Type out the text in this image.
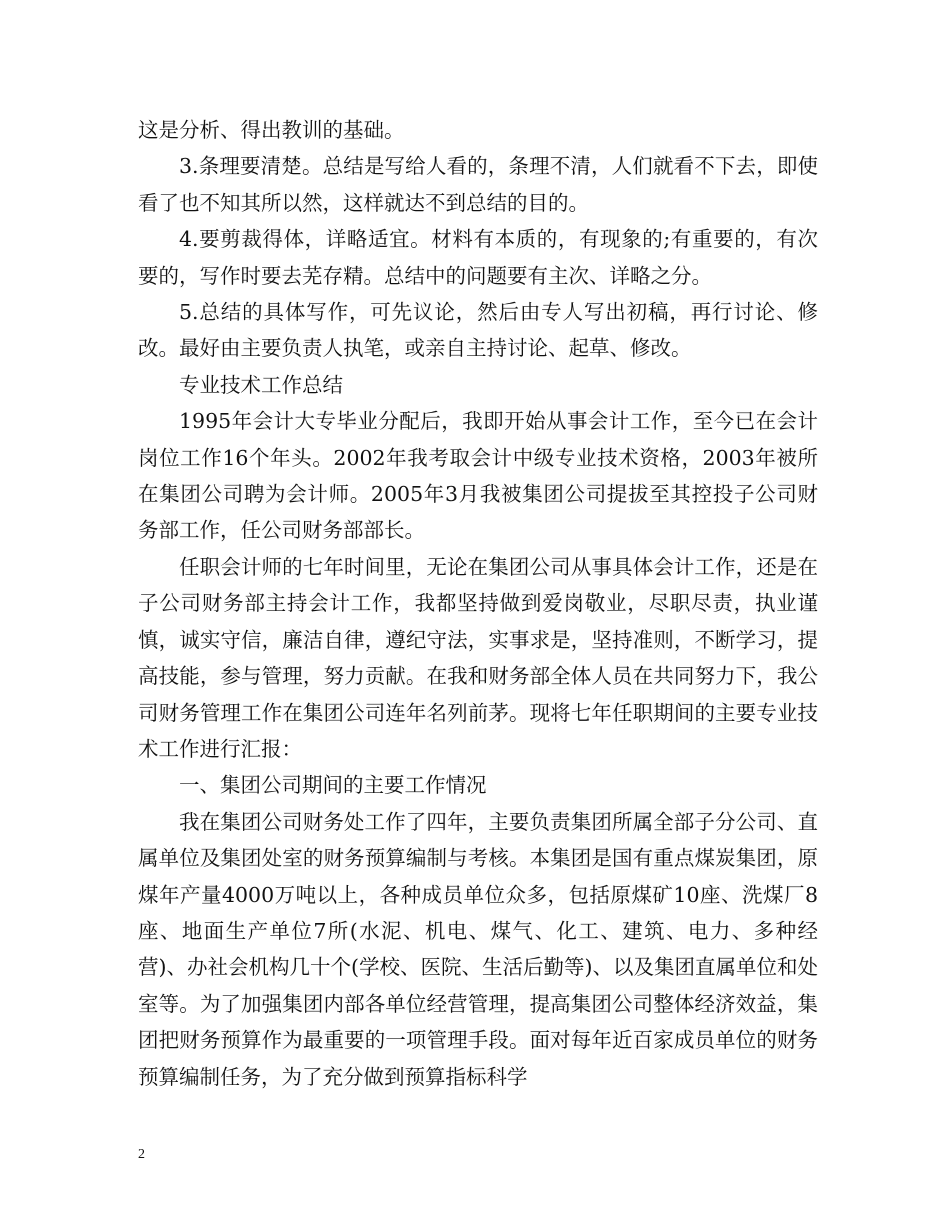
这是分析、得出教训的基础。

3.条理要清楚。总结是写给人看的，条理不清，人们就看不下去，即使看了也不知其所以然，这样就达不到总结的目的。

4.要剪裁得体，详略适宜。材料有本质的，有现象的;有重要的，有次要的，写作时要去芜存精。总结中的问题要有主次、详略之分。

5.总结的具体写作，可先议论，然后由专人写出初稿，再行讨论、修改。最好由主要负责人执笔，或亲自主持讨论、起草、修改。

专业技术工作总结

1995年会计大专毕业分配后，我即开始从事会计工作，至今已在会计岗位工作16个年头。2002年我考取会计中级专业技术资格，2003年被所在集团公司聘为会计师。2005年3月我被集团公司提拔至其控投子公司财务部工作，任公司财务部部长。

任职会计师的七年时间里，无论在集团公司从事具体会计工作，还是在子公司财务部主持会计工作，我都坚持做到爱岗敬业，尽职尽责，执业谨慎，诚实守信，廉洁自律，遵纪守法，实事求是，坚持准则，不断学习，提高技能，参与管理，努力贡献。在我和财务部全体人员在共同努力下，我公司财务管理工作在集团公司连年名列前茅。现将七年任职期间的主要专业技术工作进行汇报：

一、集团公司期间的主要工作情况

我在集团公司财务处工作了四年，主要负责集团所属全部子分公司、直属单位及集团处室的财务预算编制与考核。本集团是国有重点煤炭集团，原煤年产量4000万吨以上，各种成员单位众多，包括原煤矿10座、洗煤厂8座、地面生产单位7所(水泥、机电、煤气、化工、建筑、电力、多种经营)、办社会机构几十个(学校、医院、生活后勤等)、以及集团直属单位和处室等。为了加强集团内部各单位经营管理，提高集团公司整体经济效益，集团把财务预算作为最重要的一项管理手段。面对每年近百家成员单位的财务预算编制任务，为了充分做到预算指标科学

2
